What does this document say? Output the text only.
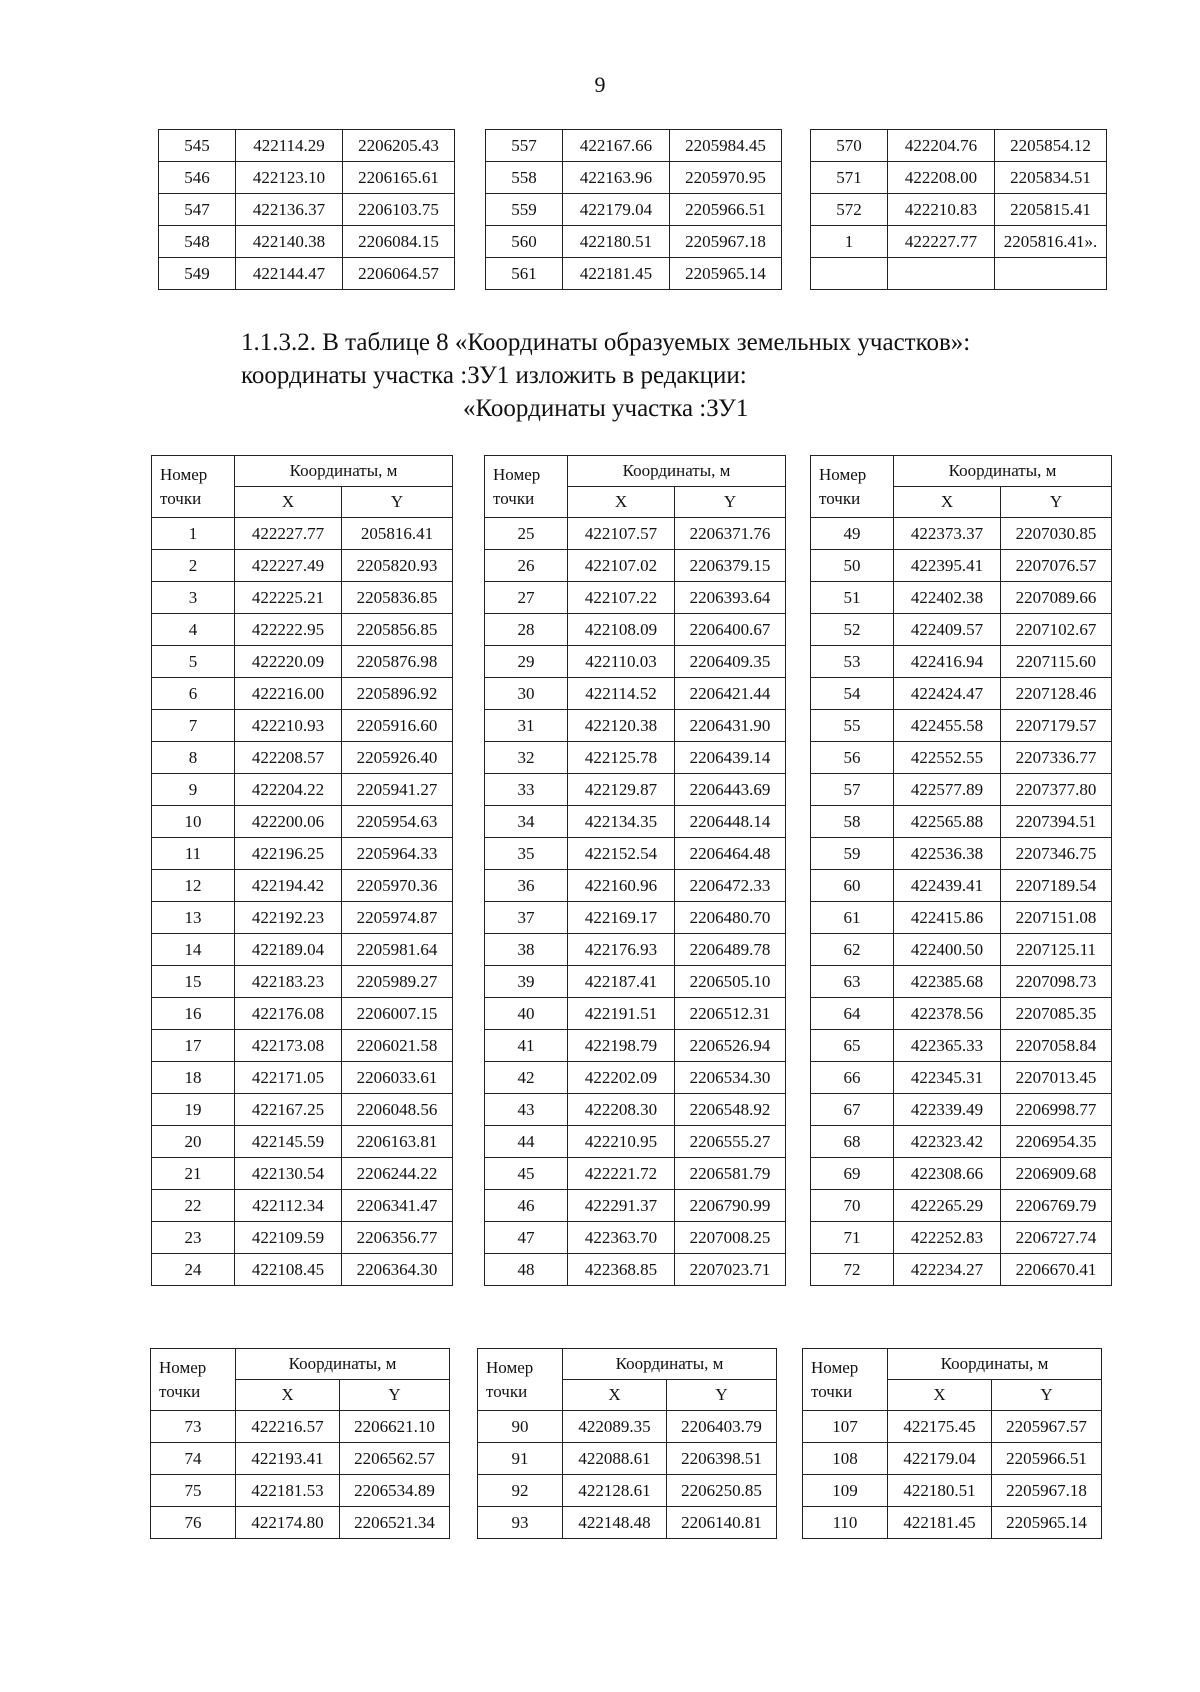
9
1.1.3.2. В таблице 8 «Координаты образуемых земельных участков»:
координаты участка :ЗУ1 изложить в редакции:
«Координаты участка :ЗУ1
545	422114.29	2206205.43
546	422123.10	2206165.61
547	422136.37	2206103.75
548	422140.38	2206084.15
549	422144.47	2206064.57
557	422167.66	2205984.45
558	422163.96	2205970.95
559	422179.04	2205966.51
560	422180.51	2205967.18
561	422181.45	2205965.14
570	422204.76	2205854.12
571	422208.00	2205834.51
572	422210.83	2205815.41
1	422227.77	2205816.41».

Номер
точки	Координаты, м	
	X	Y
1	422227.77	205816.41
2	422227.49	2205820.93
3	422225.21	2205836.85
4	422222.95	2205856.85
5	422220.09	2205876.98
6	422216.00	2205896.92
7	422210.93	2205916.60
8	422208.57	2205926.40
9	422204.22	2205941.27
10	422200.06	2205954.63
11	422196.25	2205964.33
12	422194.42	2205970.36
13	422192.23	2205974.87
14	422189.04	2205981.64
15	422183.23	2205989.27
16	422176.08	2206007.15
17	422173.08	2206021.58
18	422171.05	2206033.61
19	422167.25	2206048.56
20	422145.59	2206163.81
21	422130.54	2206244.22
22	422112.34	2206341.47
23	422109.59	2206356.77
24	422108.45	2206364.30
Номер
точки	Координаты, м	
	X	Y
25	422107.57	2206371.76
26	422107.02	2206379.15
27	422107.22	2206393.64
28	422108.09	2206400.67
29	422110.03	2206409.35
30	422114.52	2206421.44
31	422120.38	2206431.90
32	422125.78	2206439.14
33	422129.87	2206443.69
34	422134.35	2206448.14
35	422152.54	2206464.48
36	422160.96	2206472.33
37	422169.17	2206480.70
38	422176.93	2206489.78
39	422187.41	2206505.10
40	422191.51	2206512.31
41	422198.79	2206526.94
42	422202.09	2206534.30
43	422208.30	2206548.92
44	422210.95	2206555.27
45	422221.72	2206581.79
46	422291.37	2206790.99
47	422363.70	2207008.25
48	422368.85	2207023.71
Номер
точки	Координаты, м	
	X	Y
49	422373.37	2207030.85
50	422395.41	2207076.57
51	422402.38	2207089.66
52	422409.57	2207102.67
53	422416.94	2207115.60
54	422424.47	2207128.46
55	422455.58	2207179.57
56	422552.55	2207336.77
57	422577.89	2207377.80
58	422565.88	2207394.51
59	422536.38	2207346.75
60	422439.41	2207189.54
61	422415.86	2207151.08
62	422400.50	2207125.11
63	422385.68	2207098.73
64	422378.56	2207085.35
65	422365.33	2207058.84
66	422345.31	2207013.45
67	422339.49	2206998.77
68	422323.42	2206954.35
69	422308.66	2206909.68
70	422265.29	2206769.79
71	422252.83	2206727.74
72	422234.27	2206670.41
Номер
точки	Координаты, м	
	X	Y
73	422216.57	2206621.10
74	422193.41	2206562.57
75	422181.53	2206534.89
76	422174.80	2206521.34
Номер
точки	Координаты, м	
	X	Y
90	422089.35	2206403.79
91	422088.61	2206398.51
92	422128.61	2206250.85
93	422148.48	2206140.81
Номер
точки	Координаты, м	
	X	Y
107	422175.45	2205967.57
108	422179.04	2205966.51
109	422180.51	2205967.18
110	422181.45	2205965.14
